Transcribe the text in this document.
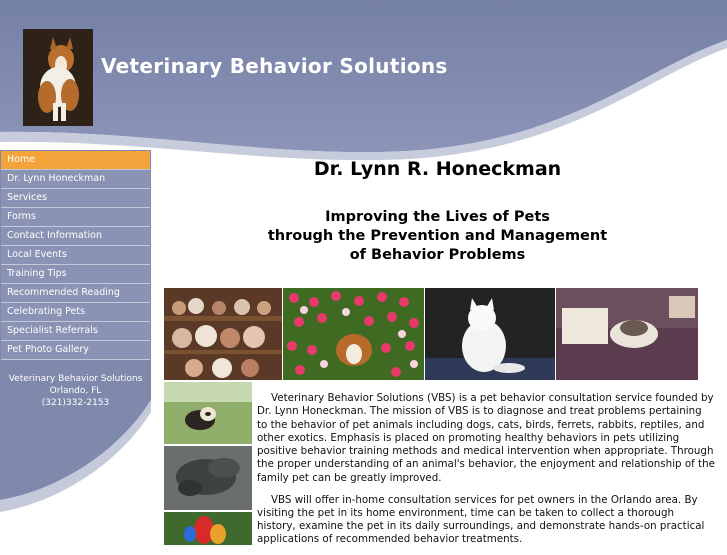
Veterinary Behavior Solutions
Home
Dr. Lynn Honeckman
Services
Forms
Contact Information
Local Events
Training Tips
Recommended Reading
Celebrating Pets
Specialist Referrals
Pet Photo Gallery
Veterinary Behavior Solutions
Orlando, FL
(321)332-2153
Dr. Lynn R. Honeckman
Improving the Lives of Pets
through the Prevention and Management
of Behavior Problems

Veterinary Behavior Solutions (VBS) is a pet behavior consultation service founded by Dr. Lynn Honeckman. The mission of VBS is to diagnose and treat problems pertaining to the behavior of pet animals including dogs, cats, birds, ferrets, rabbits, reptiles, and other exotics. Emphasis is placed on promoting healthy behaviors in pets utilizing positive behavior training methods and medical intervention when appropriate. Through the proper understanding of an animal's behavior, the enjoyment and relationship of the family pet can be greatly improved.

VBS will offer in-home consultation services for pet owners in the Orlando area. By visiting the pet in its home environment, time can be taken to collect a thorough history, examine the pet in its daily surroundings, and demonstrate hands-on practical applications of recommended behavior treatments.
